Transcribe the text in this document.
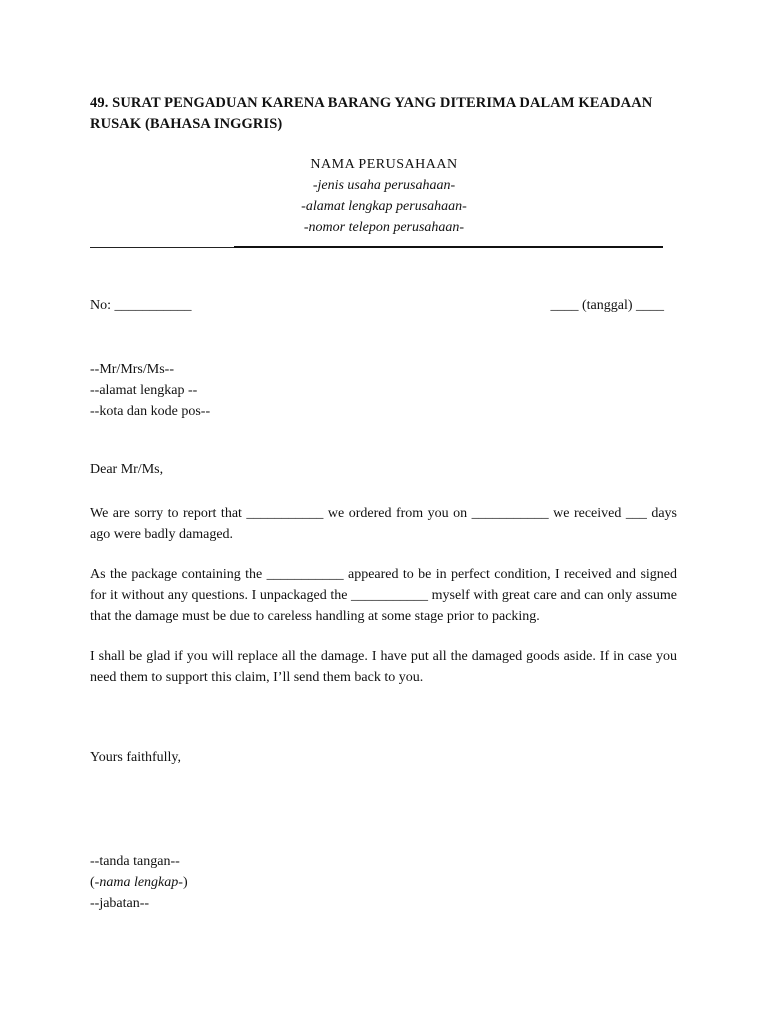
49. SURAT PENGADUAN KARENA BARANG YANG DITERIMA DALAM KEADAAN
RUSAK (BAHASA INGGRIS)
NAMA PERUSAHAAN
-jenis usaha perusahaan-
-alamat lengkap perusahaan-
-nomor telepon perusahaan-
No: ___________	____ (tanggal) ____
--Mr/Mrs/Ms--
--alamat lengkap --
--kota dan kode pos--
Dear Mr/Ms,
We are sorry to report that ___________ we ordered from you on ___________ we received ___ days ago were badly damaged.
As the package containing the ___________ appeared to be in perfect condition, I received and signed for it without any questions. I unpackaged the ___________ myself with great care and can only assume that the damage must be due to careless handling at some stage prior to packing.
I shall be glad if you will replace all the damage. I have put all the damaged goods aside. If in case you need them to support this claim, I’ll send them back to you.
Yours faithfully,
--tanda tangan--
(-nama lengkap-)
--jabatan--
